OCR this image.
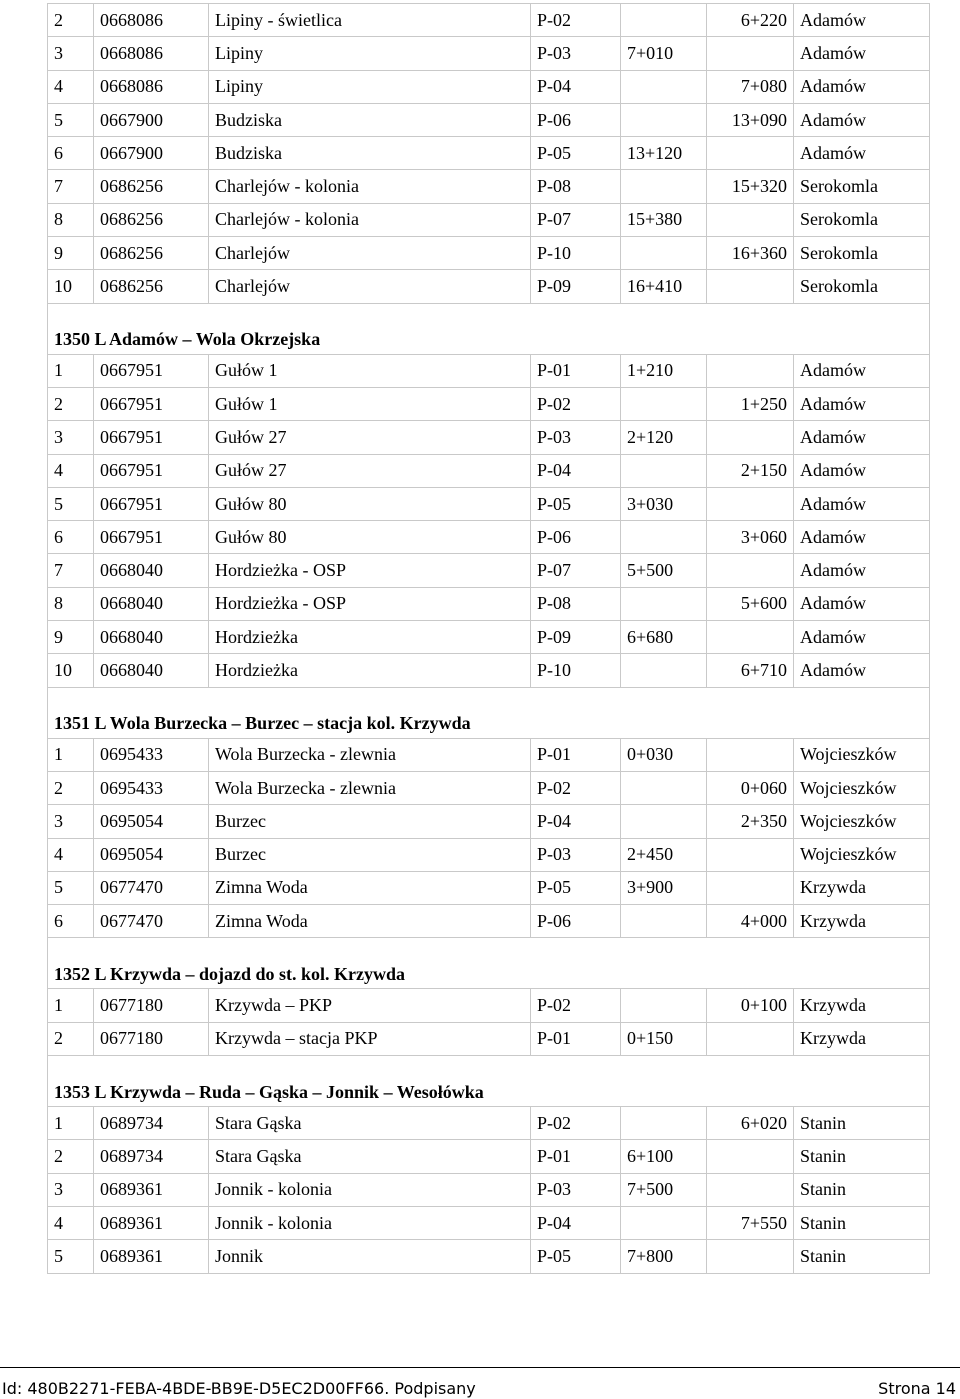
2	0668086	Lipiny - świetlica	P-02		6+220	Adamów
3	0668086	Lipiny	P-03	7+010		Adamów
4	0668086	Lipiny	P-04		7+080	Adamów
5	0667900	Budziska	P-06		13+090	Adamów
6	0667900	Budziska	P-05	13+120		Adamów
7	0686256	Charlejów - kolonia	P-08		15+320	Serokomla
8	0686256	Charlejów - kolonia	P-07	15+380		Serokomla
9	0686256	Charlejów	P-10		16+360	Serokomla
10	0686256	Charlejów	P-09	16+410		Serokomla

1350 L Adamów – Wola Okrzejska						
1	0667951	Gułów 1	P-01	1+210		Adamów
2	0667951	Gułów 1	P-02		1+250	Adamów
3	0667951	Gułów 27	P-03	2+120		Adamów
4	0667951	Gułów 27	P-04		2+150	Adamów
5	0667951	Gułów 80	P-05	3+030		Adamów
6	0667951	Gułów 80	P-06		3+060	Adamów
7	0668040	Hordzieżka - OSP	P-07	5+500		Adamów
8	0668040	Hordzieżka - OSP	P-08		5+600	Adamów
9	0668040	Hordzieżka	P-09	6+680		Adamów
10	0668040	Hordzieżka	P-10		6+710	Adamów

1351 L Wola Burzecka – Burzec – stacja kol. Krzywda						
1	0695433	Wola Burzecka - zlewnia	P-01	0+030		Wojcieszków
2	0695433	Wola Burzecka - zlewnia	P-02		0+060	Wojcieszków
3	0695054	Burzec	P-04		2+350	Wojcieszków
4	0695054	Burzec	P-03	2+450		Wojcieszków
5	0677470	Zimna Woda	P-05	3+900		Krzywda
6	0677470	Zimna Woda	P-06		4+000	Krzywda

1352 L Krzywda – dojazd do st. kol. Krzywda						
1	0677180	Krzywda – PKP	P-02		0+100	Krzywda
2	0677180	Krzywda – stacja PKP	P-01	0+150		Krzywda

1353 L Krzywda – Ruda – Gąska – Jonnik – Wesołówka						
1	0689734	Stara Gąska	P-02		6+020	Stanin
2	0689734	Stara Gąska	P-01	6+100		Stanin
3	0689361	Jonnik - kolonia	P-03	7+500		Stanin
4	0689361	Jonnik - kolonia	P-04		7+550	Stanin
5	0689361	Jonnik	P-05	7+800		Stanin
Id: 480B2271-FEBA-4BDE-BB9E-D5EC2D00FF66. Podpisany	Strona 14
